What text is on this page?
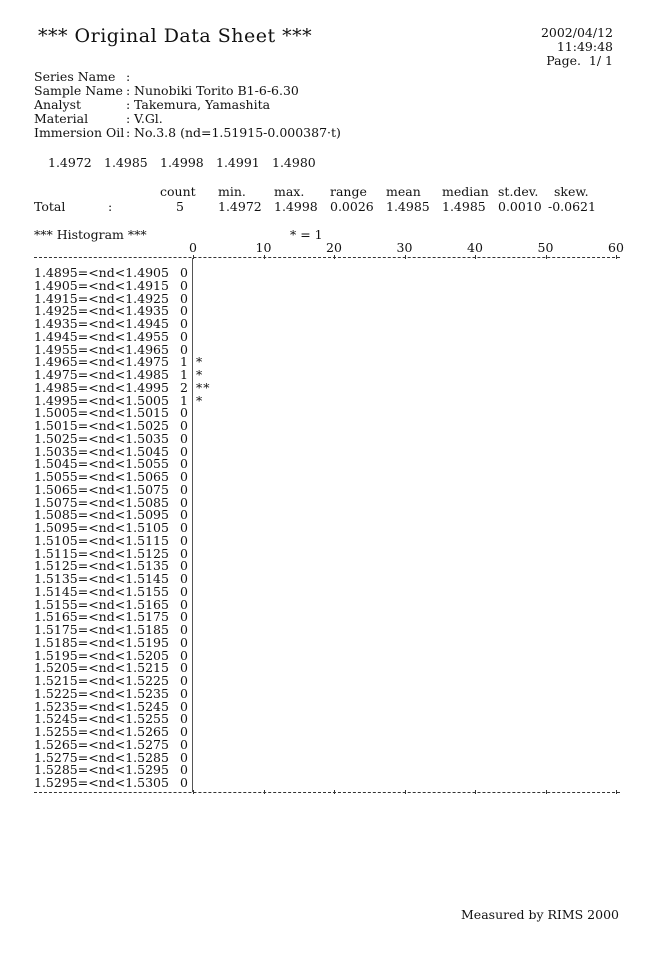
*** Original Data Sheet ***	2002/04/12
11:49:48
Page.  1/ 1
Series Name :
Sample Name : Nunobiki Torito B1-6-6.30
Analyst	: Takemura, Yamashita
Material	: V.Gl.
Immersion Oil : No.3.8 (nd=1.51915-0.000387·t)
1.4972 1.4985 1.4998 1.4991 1.4980
count min. max. range mean median st.dev. skew.
Total	:	5	1.4972 1.4998 0.0026 1.4985 1.4985 0.0010 -0.0621
*** Histogram ***	* = 1
0	10	20	30	40	50	60
1.4895=<nd<1.4905 0
1.4905=<nd<1.4915 0
1.4915=<nd<1.4925 0
1.4925=<nd<1.4935 0
1.4935=<nd<1.4945 0
1.4945=<nd<1.4955 0
1.4955=<nd<1.4965 0
1.4965=<nd<1.4975 1 *
1.4975=<nd<1.4985 1 *
1.4985=<nd<1.4995 2 **
1.4995=<nd<1.5005 1 *
1.5005=<nd<1.5015 0
1.5015=<nd<1.5025 0
1.5025=<nd<1.5035 0
1.5035=<nd<1.5045 0
1.5045=<nd<1.5055 0
1.5055=<nd<1.5065 0
1.5065=<nd<1.5075 0
1.5075=<nd<1.5085 0
1.5085=<nd<1.5095 0
1.5095=<nd<1.5105 0
1.5105=<nd<1.5115 0
1.5115=<nd<1.5125 0
1.5125=<nd<1.5135 0
1.5135=<nd<1.5145 0
1.5145=<nd<1.5155 0
1.5155=<nd<1.5165 0
1.5165=<nd<1.5175 0
1.5175=<nd<1.5185 0
1.5185=<nd<1.5195 0
1.5195=<nd<1.5205 0
1.5205=<nd<1.5215 0
1.5215=<nd<1.5225 0
1.5225=<nd<1.5235 0
1.5235=<nd<1.5245 0
1.5245=<nd<1.5255 0
1.5255=<nd<1.5265 0
1.5265=<nd<1.5275 0
1.5275=<nd<1.5285 0
1.5285=<nd<1.5295 0
1.5295=<nd<1.5305 0
Measured by RIMS 2000
